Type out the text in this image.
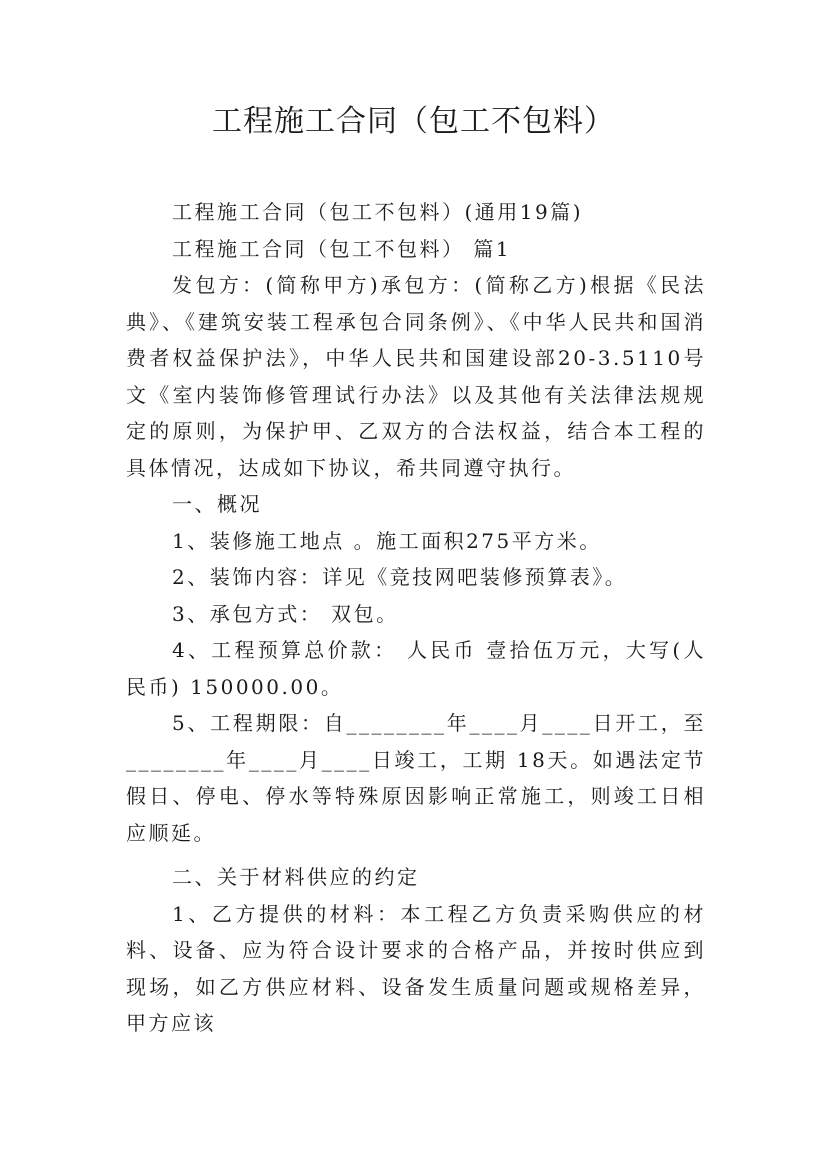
工程施工合同（包工不包料）

工程施工合同（包工不包料）(通用19篇)

工程施工合同（包工不包料） 篇1

发包方：(简称甲方)承包方：(简称乙方)根据《民法典》、《建筑安装工程承包合同条例》、《中华人民共和国消费者权益保护法》，中华人民共和国建设部20-3.5110号文《室内装饰修管理试行办法》以及其他有关法律法规规定的原则，为保护甲、乙双方的合法权益，结合本工程的具体情况，达成如下协议，希共同遵守执行。

一、概况

1、装修施工地点 。施工面积275平方米。

2、装饰内容：详见《竞技网吧装修预算表》。

3、承包方式： 双包。

4、工程预算总价款： 人民币 壹拾伍万元，大写(人民币) 150000.00。

5、工程期限：自________年____月____日开工，至________年____月____日竣工，工期 18天。如遇法定节假日、停电、停水等特殊原因影响正常施工，则竣工日相应顺延。

二、关于材料供应的约定

1、乙方提供的材料：本工程乙方负责采购供应的材料、设备、应为符合设计要求的合格产品，并按时供应到现场，如乙方供应材料、设备发生质量问题或规格差异，甲方应该
